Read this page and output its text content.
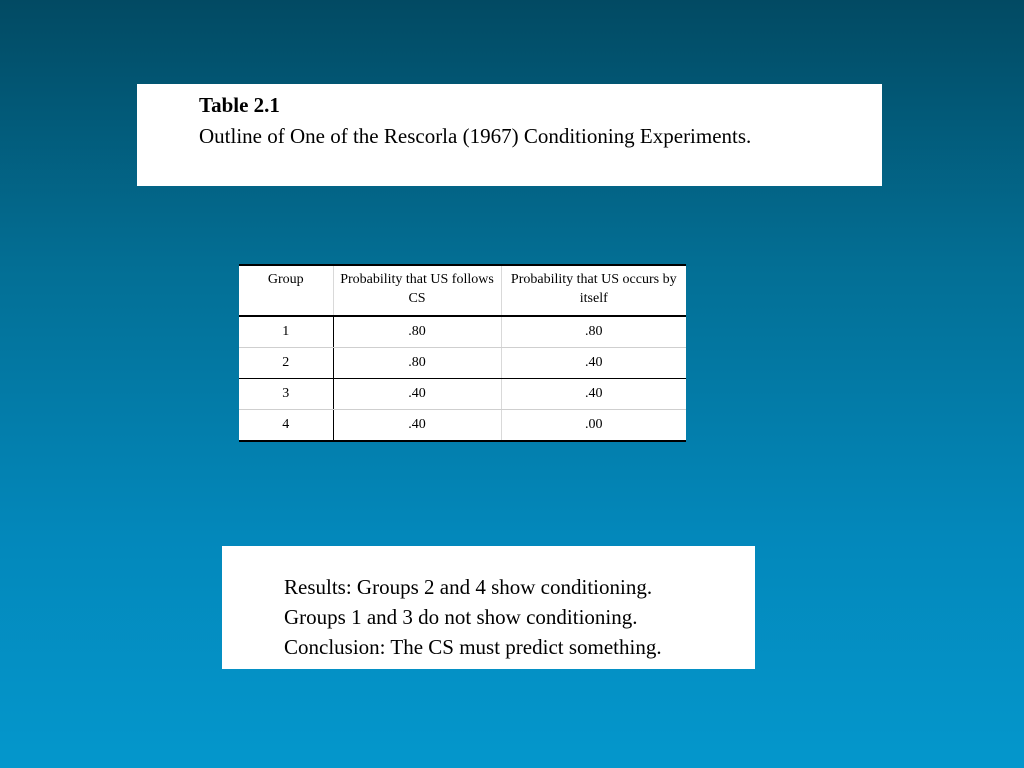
Table 2.1
Outline of One of the Rescorla (1967) Conditioning Experiments.
Group	Probability that US follows CS	Probability that US occurs by itself
1	.80	.80
2	.80	.40
3	.40	.40
4	.40	.00
Results: Groups 2 and 4 show conditioning.
Groups 1 and 3 do not show conditioning.
Conclusion: The CS must predict something.
